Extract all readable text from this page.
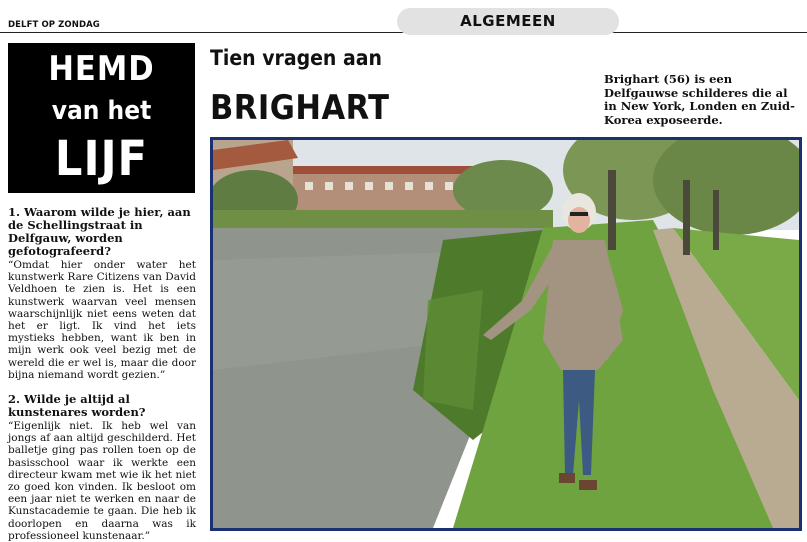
DELFT OP ZONDAG	ALGEMEEN
HEMD
van het
LIJF
Tien vragen aan
BRIGHART
Brighart (56) is een Delfgauwse schilderes die al in New York, Londen en Zuid-Korea exposeerde.
1. Waarom wilde je hier, aan de Schellingstraat in Delfgauw, worden gefotografeerd?
“Omdat hier onder water het kunstwerk Rare Citizens van David Veldhoen te zien is. Het is een kunstwerk waarvan veel mensen waarschijnlijk niet eens weten dat het er ligt. Ik vind het iets mystieks hebben, want ik ben in mijn werk ook veel bezig met de wereld die er wel is, maar die door bijna niemand wordt gezien.”
2. Wilde je altijd al kunstenares worden?
“Eigenlijk niet. Ik heb wel van jongs af aan altijd geschilderd. Het balletje ging pas rollen toen op de basisschool waar ik werkte een directeur kwam met wie ik het niet zo goed kon vinden. Ik besloot om een jaar niet te werken en naar de Kunstacademie te gaan. Die heb ik doorlopen en daarna was ik professioneel kunstenaar.”
